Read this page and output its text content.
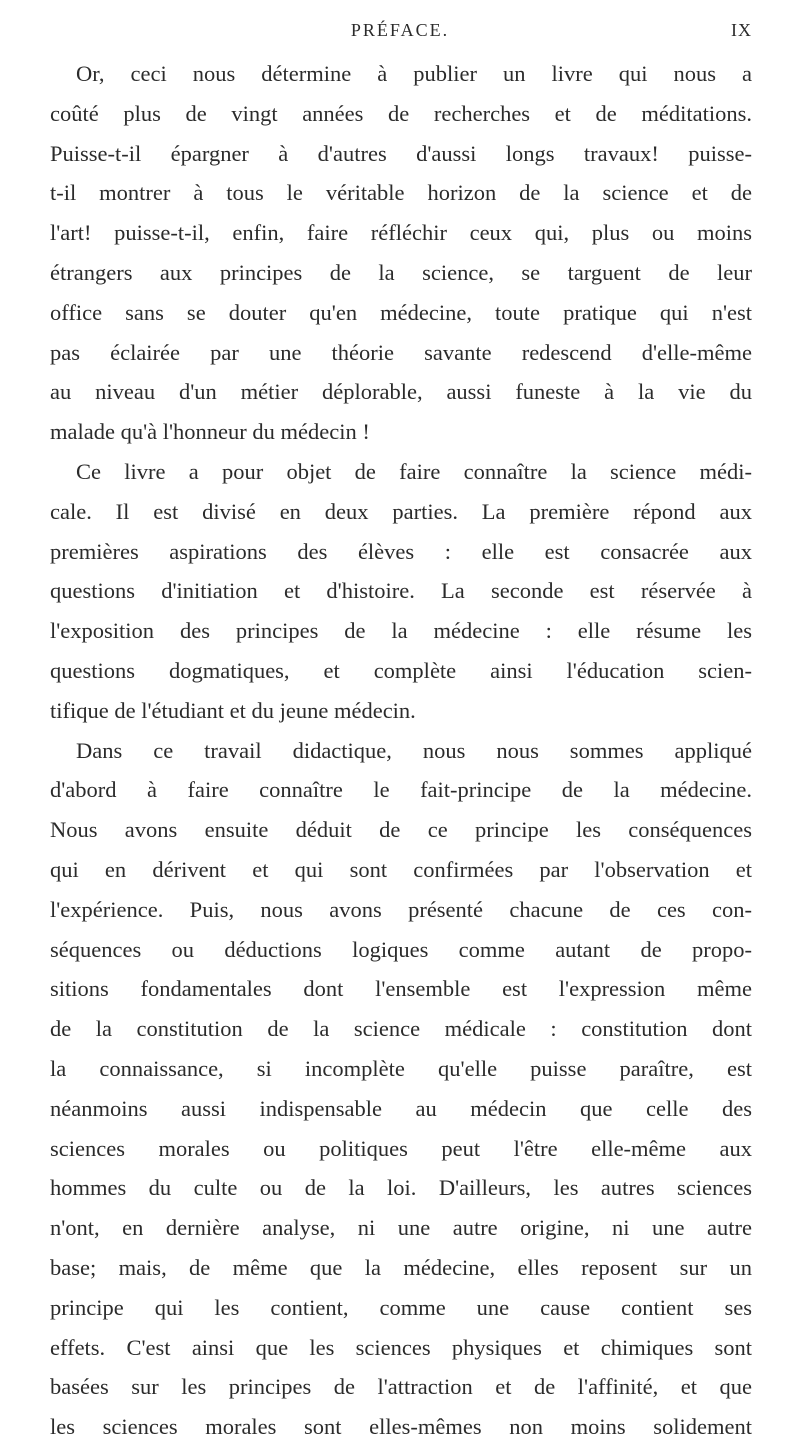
PRÉFACE.	IX
Or, ceci nous détermine à publier un livre qui nous a
coûté plus de vingt années de recherches et de méditations.
Puisse-t-il épargner à d'autres d'aussi longs travaux! puisse-
t-il montrer à tous le véritable horizon de la science et de
l'art! puisse-t-il, enfin, faire réfléchir ceux qui, plus ou moins
étrangers aux principes de la science, se targuent de leur
office sans se douter qu'en médecine, toute pratique qui n'est
pas éclairée par une théorie savante redescend d'elle-même
au niveau d'un métier déplorable, aussi funeste à la vie du
malade qu'à l'honneur du médecin !
Ce livre a pour objet de faire connaître la science médi-
cale. Il est divisé en deux parties. La première répond aux
premières aspirations des élèves : elle est consacrée aux
questions d'initiation et d'histoire. La seconde est réservée à
l'exposition des principes de la médecine : elle résume les
questions dogmatiques, et complète ainsi l'éducation scien-
tifique de l'étudiant et du jeune médecin.
Dans ce travail didactique, nous nous sommes appliqué
d'abord à faire connaître le fait-principe de la médecine.
Nous avons ensuite déduit de ce principe les conséquences
qui en dérivent et qui sont confirmées par l'observation et
l'expérience. Puis, nous avons présenté chacune de ces con-
séquences ou déductions logiques comme autant de propo-
sitions fondamentales dont l'ensemble est l'expression même
de la constitution de la science médicale : constitution dont
la connaissance, si incomplète qu'elle puisse paraître, est
néanmoins aussi indispensable au médecin que celle des
sciences morales ou politiques peut l'être elle-même aux
hommes du culte ou de la loi. D'ailleurs, les autres sciences
n'ont, en dernière analyse, ni une autre origine, ni une autre
base; mais, de même que la médecine, elles reposent sur un
principe qui les contient, comme une cause contient ses
effets. C'est ainsi que les sciences physiques et chimiques sont
basées sur les principes de l'attraction et de l'affinité, et que
les sciences morales sont elles-mêmes non moins solidement
